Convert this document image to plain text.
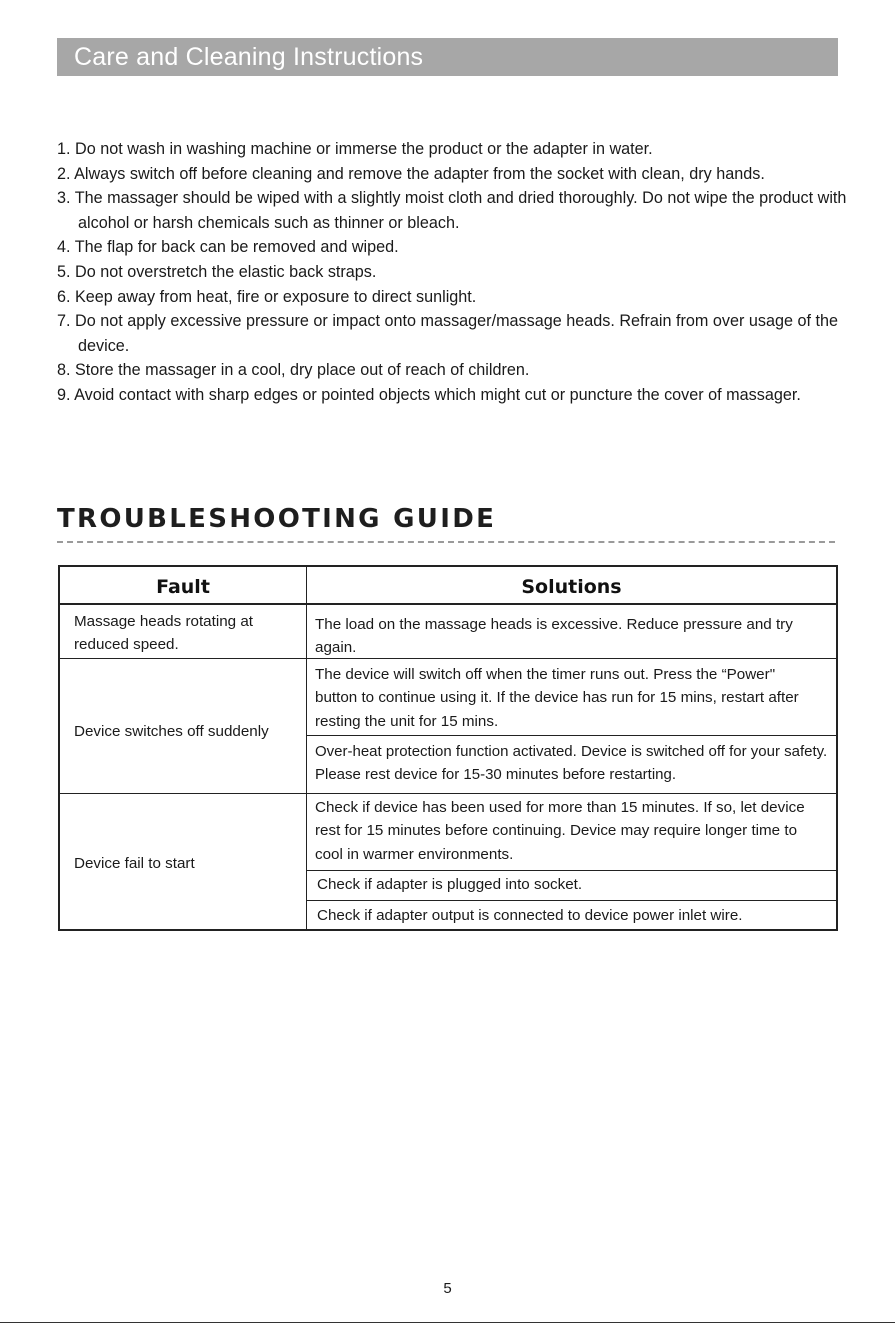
Care and Cleaning Instructions
1. Do not wash in washing machine or immerse the product or the adapter in water.
2. Always switch off before cleaning and remove the adapter from the socket with clean, dry hands.
3. The massager should be wiped with a slightly moist cloth and dried thoroughly. Do not wipe the product with alcohol or harsh chemicals such as thinner or bleach.
4. The flap for back can be removed and wiped.
5. Do not overstretch the elastic back straps.
6. Keep away from heat, fire or exposure to direct sunlight.
7. Do not apply excessive pressure or impact onto massager/massage heads. Refrain from over usage of the device.
8. Store the massager in a cool, dry place out of reach of children.
9. Avoid contact with sharp edges or pointed objects which might cut or puncture the cover of massager.
TROUBLESHOOTING GUIDE
Fault	Solutions
Massage heads rotating at reduced speed.
Device switches off suddenly
Device fail to start
The load on the massage heads is excessive. Reduce pressure and try again.
The device will switch off when the timer runs out. Press the “Power" button to continue using it. If the device has run for 15 mins, restart after resting the unit for 15 mins.
Over-heat protection function activated. Device is switched off for your safety. Please rest device for 15-30 minutes before restarting.
Check if device has been used for more than 15 minutes. If so, let device rest for 15 minutes before continuing. Device may require longer time to cool in warmer environments.
Check if adapter is plugged into socket.
Check if adapter output is connected to device power inlet wire.
5
